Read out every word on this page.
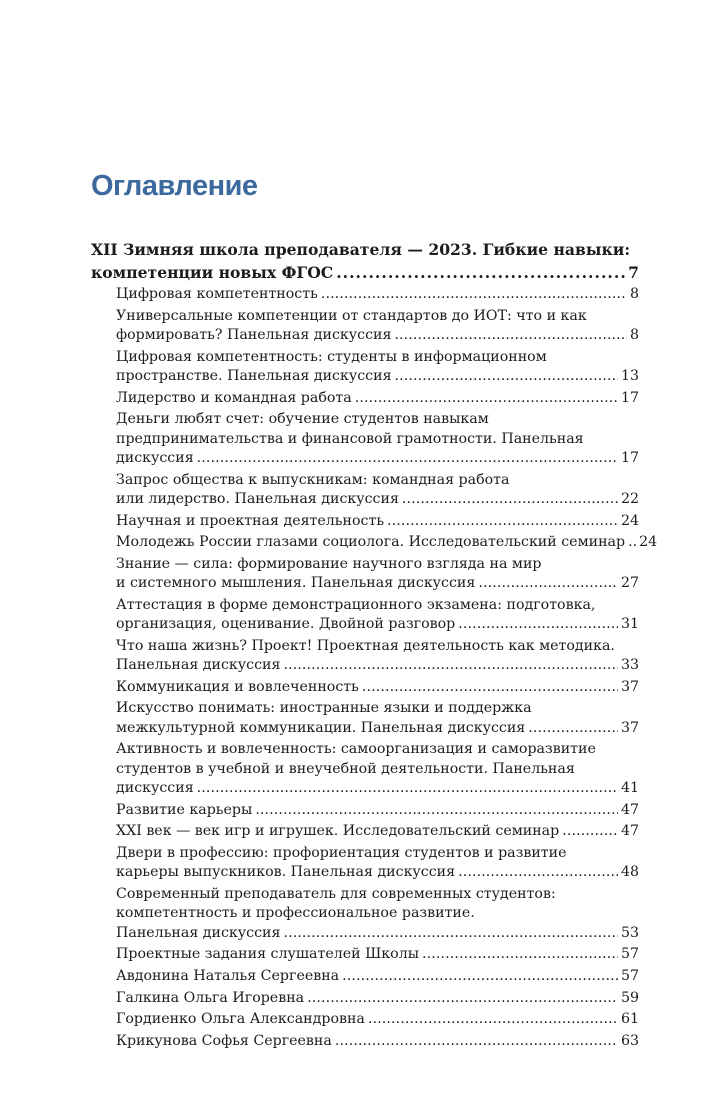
Оглавление
XII Зимняя школа преподавателя — 2023. Гибкие навыки:
компетенции новых ФГОС . . .	7
Цифровая компетентность . . .	8
Универсальные компетенции от стандартов до ИОТ: что и как
формировать? Панельная дискуссия . . .	8
Цифровая компетентность: студенты в информационном
пространстве. Панельная дискуссия . . .	13
Лидерство и командная работа . . .	17
Деньги любят счет: обучение студентов навыкам
предпринимательства и финансовой грамотности. Панельная
дискуссия . . .	17
Запрос общества к выпускникам: командная работа
или лидерство. Панельная дискуссия . . .	22
Научная и проектная деятельность . . .	24
Молодежь России глазами социолога. Исследовательский семинар . . . 24
Знание — сила: формирование научного взгляда на мир
и системного мышления. Панельная дискуссия . . .	27
Аттестация в форме демонстрационного экзамена: подготовка,
организация, оценивание. Двойной разговор . . .	31
Что наша жизнь? Проект! Проектная деятельность как методика.
Панельная дискуссия . . .	33
Коммуникация и вовлеченность . . .	37
Искусство понимать: иностранные языки и поддержка
межкультурной коммуникации. Панельная дискуссия . . .	37
Активность и вовлеченность: самоорганизация и саморазвитие
студентов в учебной и внеучебной деятельности. Панельная
дискуссия . . .	41
Развитие карьеры . . .	47
XXI век — век игр и игрушек. Исследовательский семинар . . .	47
Двери в профессию: профориентация студентов и развитие
карьеры выпускников. Панельная дискуссия . . .	48
Современный преподаватель для современных студентов:
компетентность и профессиональное развитие.
Панельная дискуссия . . .	53
Проектные задания слушателей Школы . . .	57
Авдонина Наталья Сергеевна . . .	57
Галкина Ольга Игоревна . . .	59
Гордиенко Ольга Александровна . . .	61
Крикунова Софья Сергеевна . . .	63
